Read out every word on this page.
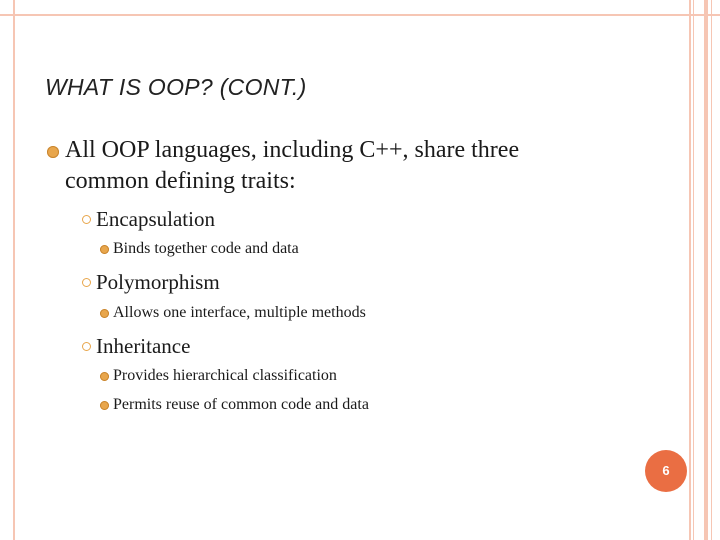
WHAT IS OOP? (CONT.)
All OOP languages, including C++, share three
common defining traits:
Encapsulation
Binds together code and data
Polymorphism
Allows one interface, multiple methods
Inheritance
Provides hierarchical classification
Permits reuse of common code and data
6
